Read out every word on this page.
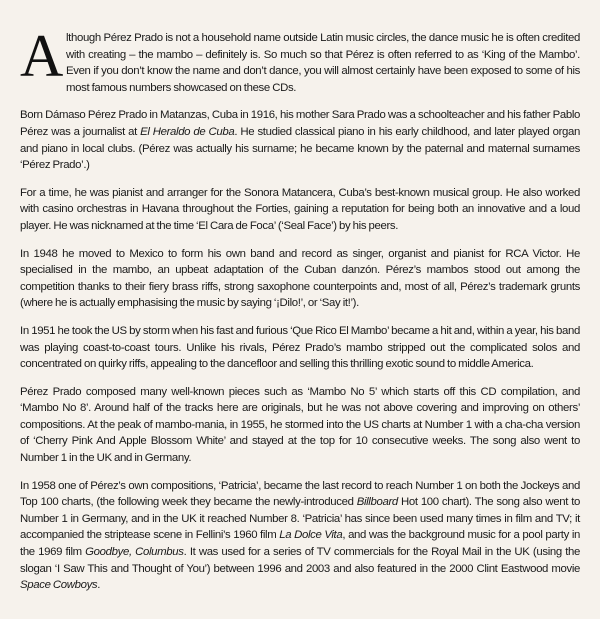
Although Pérez Prado is not a household name outside Latin music circles, the dance music he is often credited with creating – the mambo – definitely is. So much so that Pérez is often referred to as ‘King of the Mambo’. Even if you don’t know the name and don’t dance, you will almost certainly have been exposed to some of his most famous numbers showcased on these CDs.

Born Dámaso Pérez Prado in Matanzas, Cuba in 1916, his mother Sara Prado was a schoolteacher and his father Pablo Pérez was a journalist at El Heraldo de Cuba. He studied classical piano in his early childhood, and later played organ and piano in local clubs. (Pérez was actually his surname; he became known by the paternal and maternal surnames ‘Pérez Prado’.)

For a time, he was pianist and arranger for the Sonora Matancera, Cuba’s best-known musical group. He also worked with casino orchestras in Havana throughout the Forties, gaining a reputation for being both an innovative and a loud player. He was nicknamed at the time ‘El Cara de Foca’ (‘Seal Face’) by his peers.

In 1948 he moved to Mexico to form his own band and record as singer, organist and pianist for RCA Victor. He specialised in the mambo, an upbeat adaptation of the Cuban danzón. Pérez’s mambos stood out among the competition thanks to their fiery brass riffs, strong saxophone counterpoints and, most of all, Pérez’s trademark grunts (where he is actually emphasising the music by saying ‘¡Dilo!’, or ‘Say it!’).

In 1951 he took the US by storm when his fast and furious ‘Que Rico El Mambo’ became a hit and, within a year, his band was playing coast-to-coast tours. Unlike his rivals, Pérez Prado’s mambo stripped out the complicated solos and concentrated on quirky riffs, appealing to the dancefloor and selling this thrilling exotic sound to middle America.

Pérez Prado composed many well-known pieces such as ‘Mambo No 5’ which starts off this CD compilation, and ‘Mambo No 8’. Around half of the tracks here are originals, but he was not above covering and improving on others’ compositions. At the peak of mambo-mania, in 1955, he stormed into the US charts at Number 1 with a cha-cha version of ‘Cherry Pink And Apple Blossom White’ and stayed at the top for 10 consecutive weeks. The song also went to Number 1 in the UK and in Germany.

In 1958 one of Pérez’s own compositions, ‘Patricia’, became the last record to reach Number 1 on both the Jockeys and Top 100 charts, (the following week they became the newly-introduced Billboard Hot 100 chart). The song also went to Number 1 in Germany, and in the UK it reached Number 8. ‘Patricia’ has since been used many times in film and TV; it accompanied the striptease scene in Fellini’s 1960 film La Dolce Vita, and was the background music for a pool party in the 1969 film Goodbye, Columbus. It was used for a series of TV commercials for the Royal Mail in the UK (using the slogan ‘I Saw This and Thought of You’) between 1996 and 2003 and also featured in the 2000 Clint Eastwood movie Space Cowboys.
